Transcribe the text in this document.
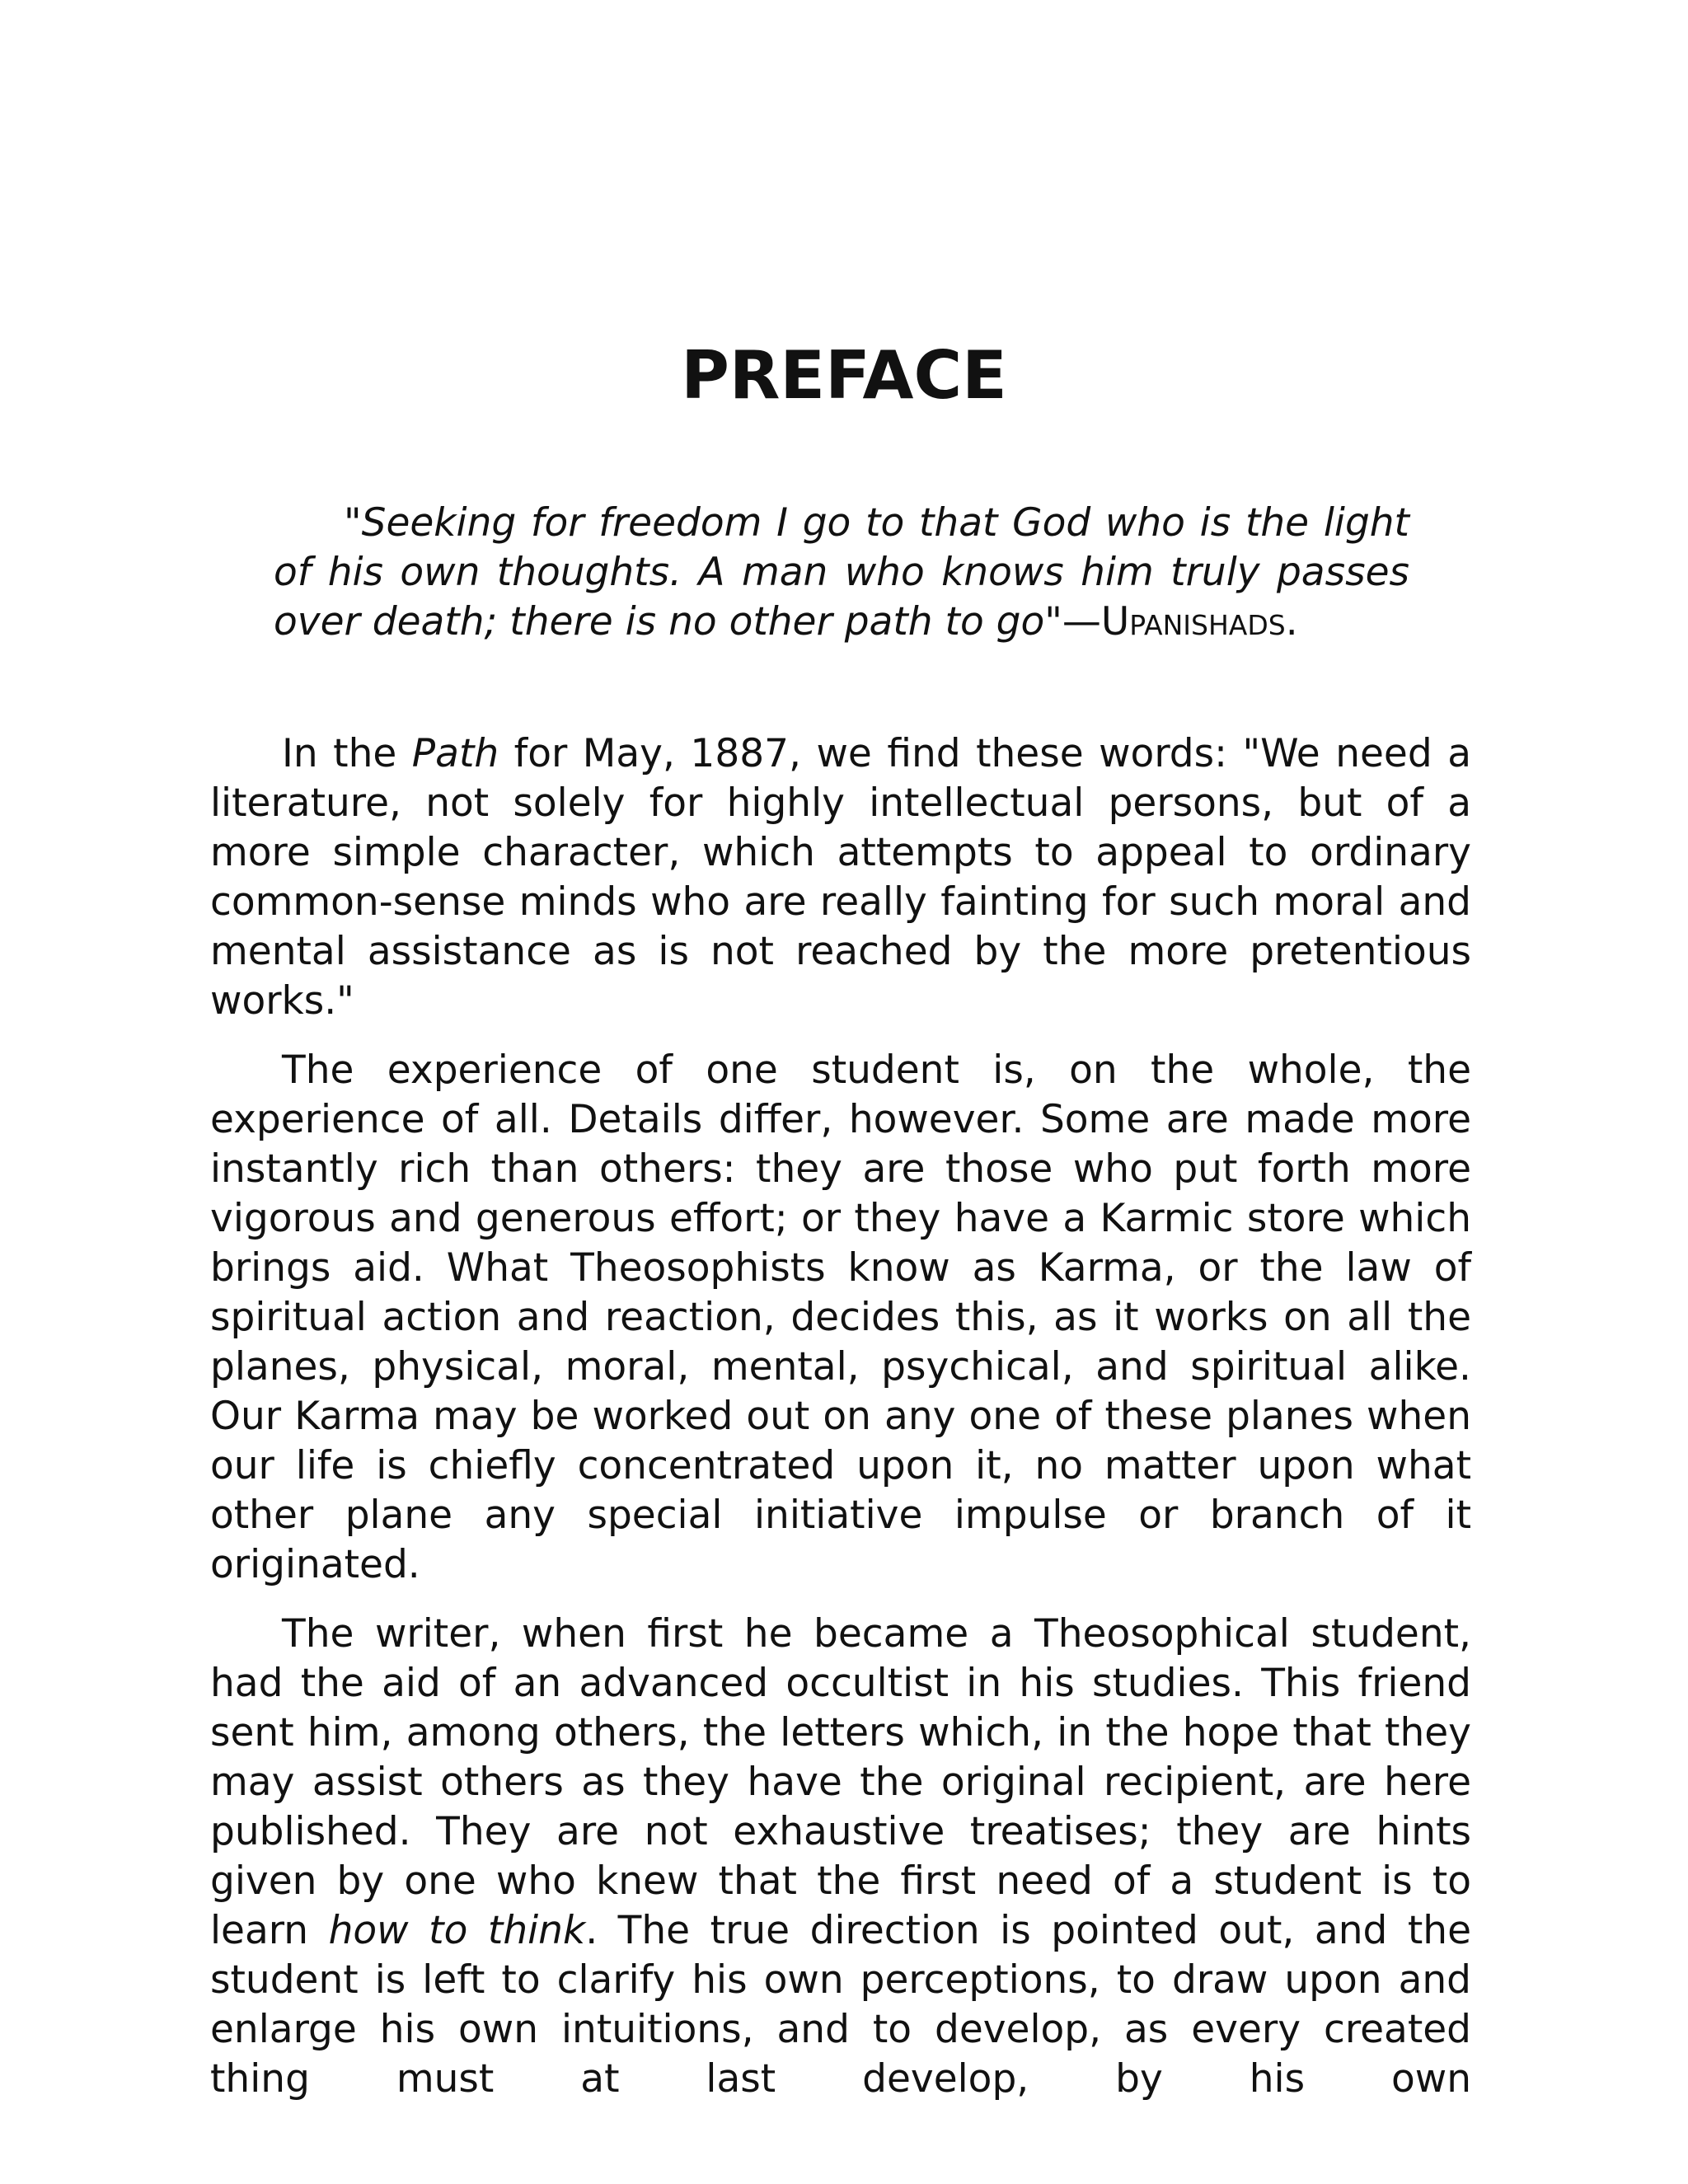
PREFACE

"Seeking for freedom I go to that God who is the light of his own thoughts. A man who knows him truly passes over death; there is no other path to go"—Upanishads.

In the Path for May, 1887, we find these words: "We need a literature, not solely for highly intellectual persons, but of a more simple character, which attempts to appeal to ordinary common-sense minds who are really fainting for such moral and mental assistance as is not reached by the more pretentious works."

The experience of one student is, on the whole, the experience of all. Details differ, however. Some are made more instantly rich than others: they are those who put forth more vigorous and generous effort; or they have a Karmic store which brings aid. What Theosophists know as Karma, or the law of spiritual action and reaction, decides this, as it works on all the planes, physical, moral, mental, psychical, and spiritual alike. Our Karma may be worked out on any one of these planes when our life is chiefly concentrated upon it, no matter upon what other plane any special initiative impulse or branch of it originated.

The writer, when first he became a Theosophical student, had the aid of an advanced occultist in his studies. This friend sent him, among others, the letters which, in the hope that they may assist others as they have the original recipient, are here published. They are not exhaustive treatises; they are hints given by one who knew that the first need of a student is to learn how to think. The true direction is pointed out, and the student is left to clarify his own perceptions, to draw upon and enlarge his own intuitions, and to develop, as every created thing must at last develop, by his own
